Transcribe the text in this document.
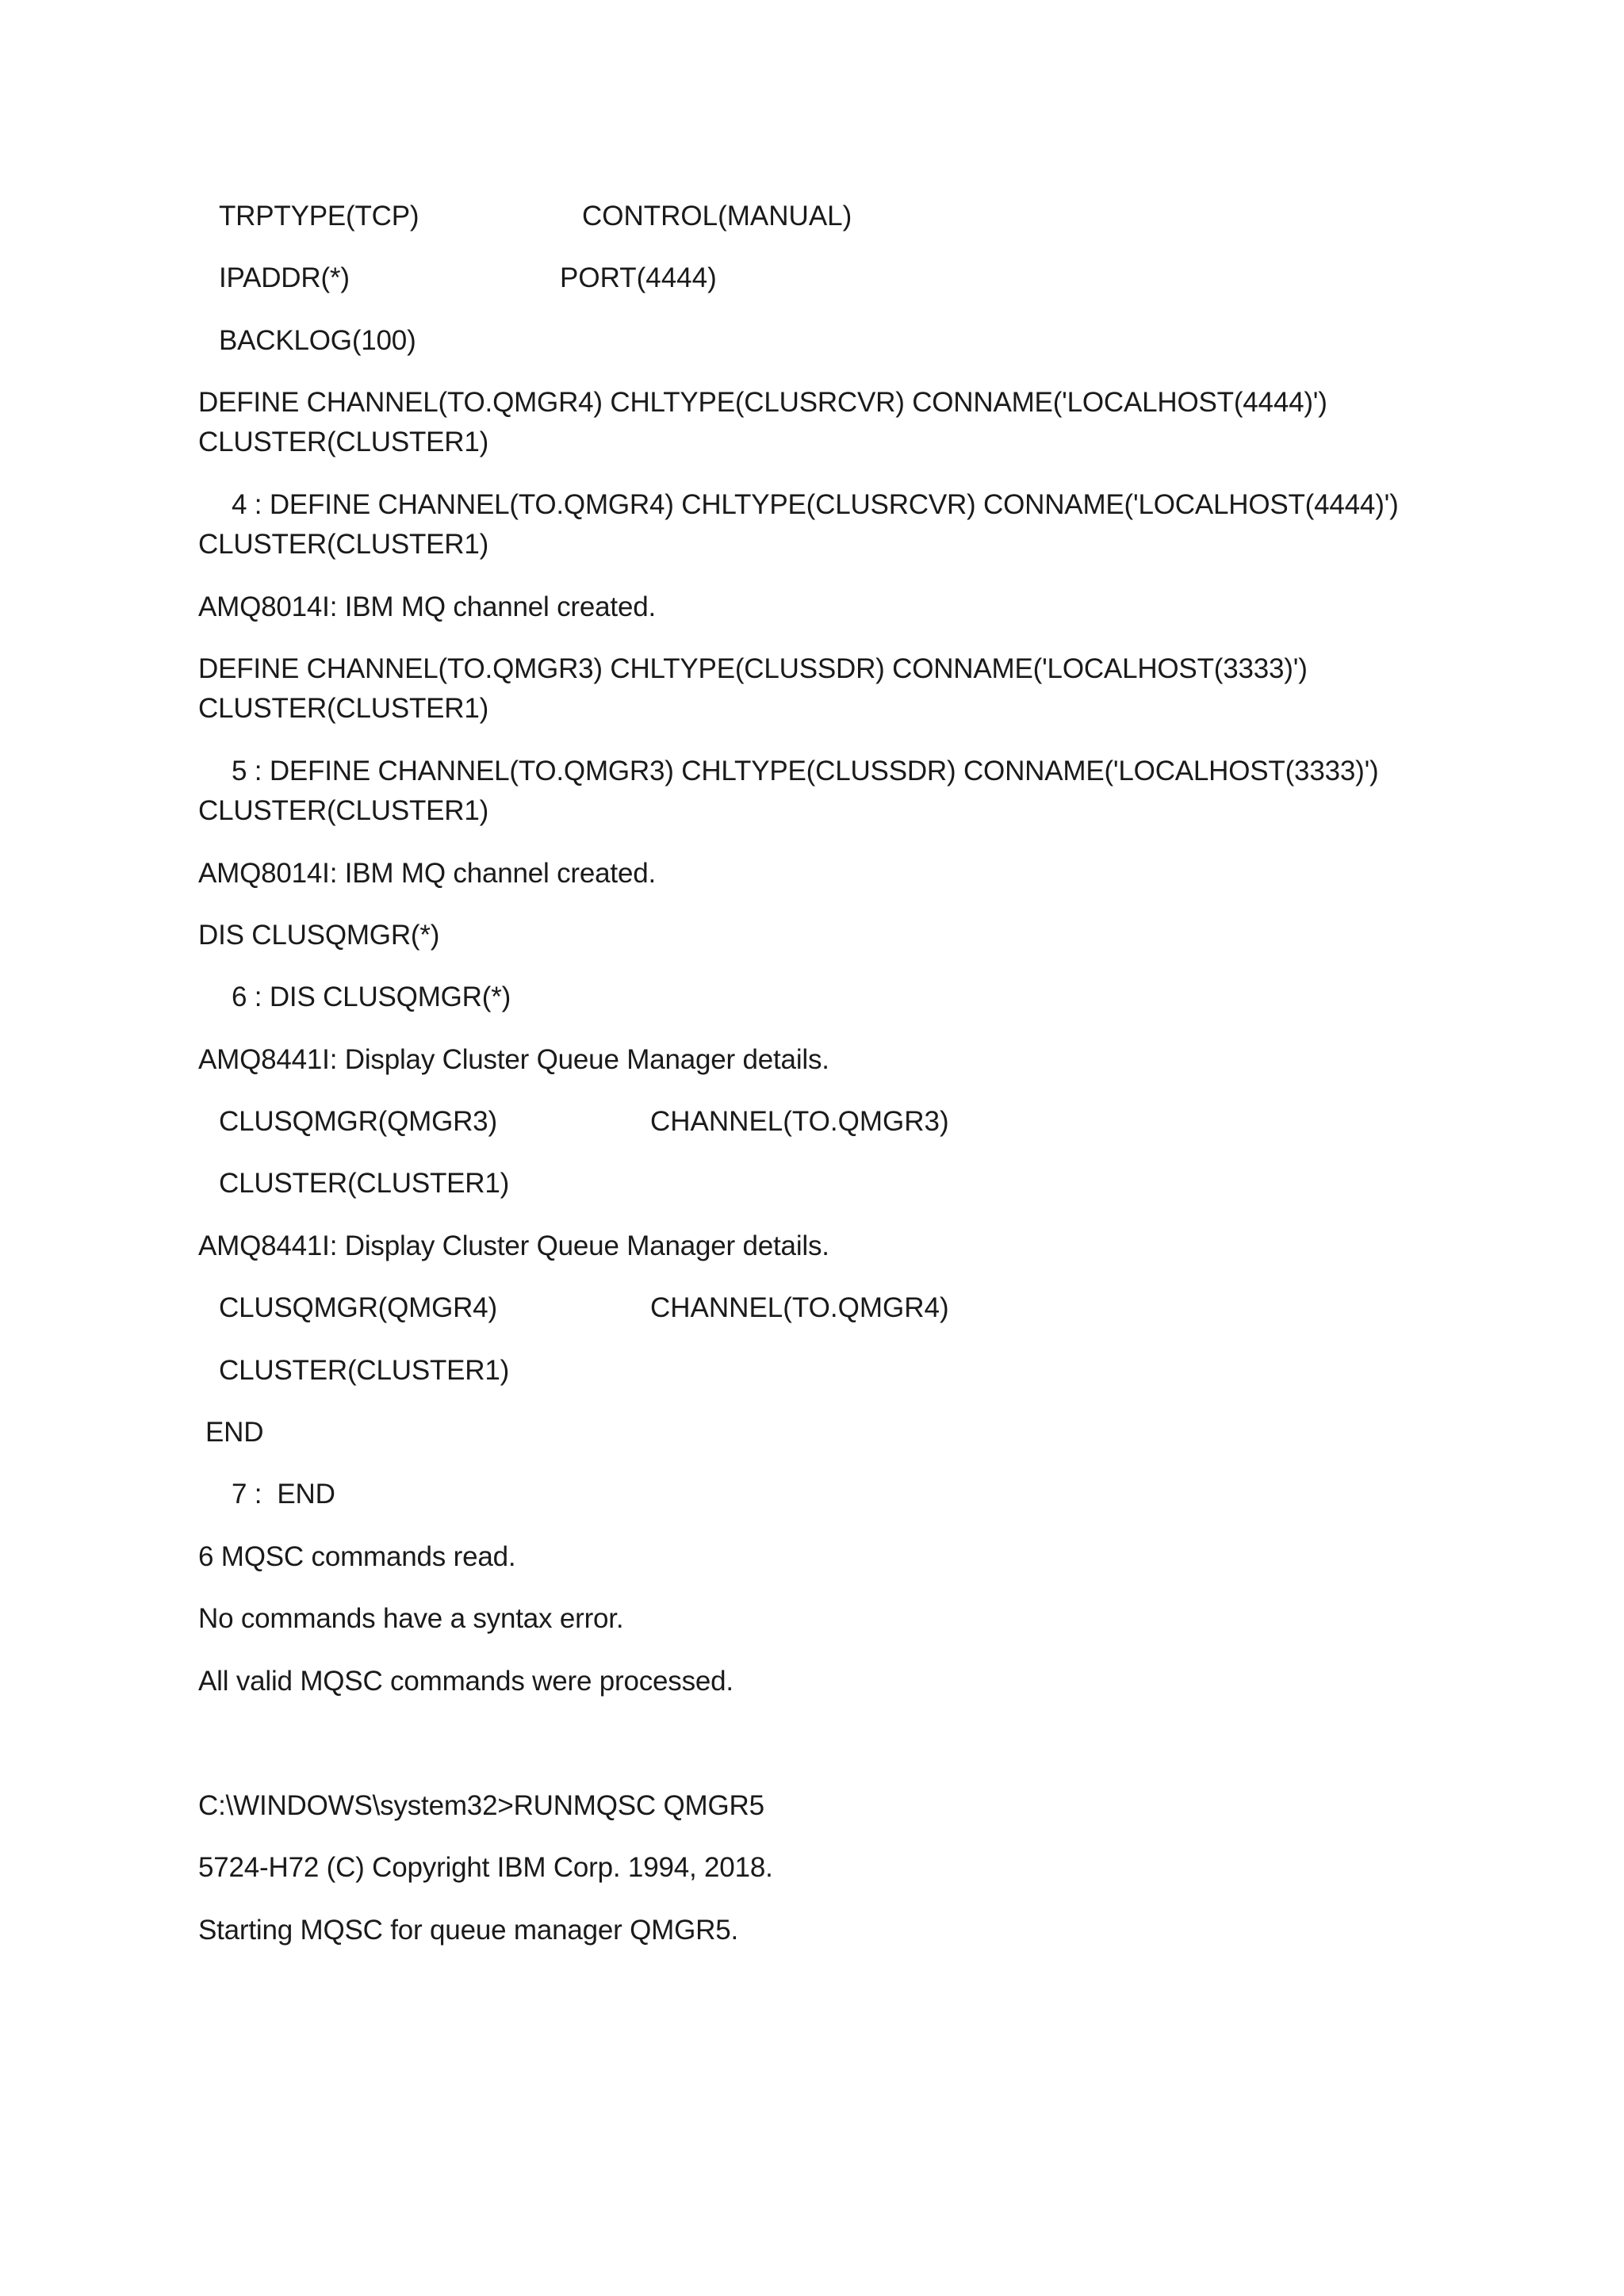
TRPTYPE(TCP)	CONTROL(MANUAL)
IPADDR(*)	PORT(4444)
BACKLOG(100)
DEFINE CHANNEL(TO.QMGR4) CHLTYPE(CLUSRCVR) CONNAME('LOCALHOST(4444)')
CLUSTER(CLUSTER1)
4 : DEFINE CHANNEL(TO.QMGR4) CHLTYPE(CLUSRCVR) CONNAME('LOCALHOST(4444)')
CLUSTER(CLUSTER1)
AMQ8014I: IBM MQ channel created.
DEFINE CHANNEL(TO.QMGR3) CHLTYPE(CLUSSDR) CONNAME('LOCALHOST(3333)')
CLUSTER(CLUSTER1)
5 : DEFINE CHANNEL(TO.QMGR3) CHLTYPE(CLUSSDR) CONNAME('LOCALHOST(3333)')
CLUSTER(CLUSTER1)
AMQ8014I: IBM MQ channel created.
DIS CLUSQMGR(*)
6 : DIS CLUSQMGR(*)
AMQ8441I: Display Cluster Queue Manager details.
CLUSQMGR(QMGR3)	CHANNEL(TO.QMGR3)
CLUSTER(CLUSTER1)
AMQ8441I: Display Cluster Queue Manager details.
CLUSQMGR(QMGR4)	CHANNEL(TO.QMGR4)
CLUSTER(CLUSTER1)
END
7 :  END
6 MQSC commands read.
No commands have a syntax error.
All valid MQSC commands were processed.
C:\WINDOWS\system32>RUNMQSC QMGR5
5724-H72 (C) Copyright IBM Corp. 1994, 2018.
Starting MQSC for queue manager QMGR5.
